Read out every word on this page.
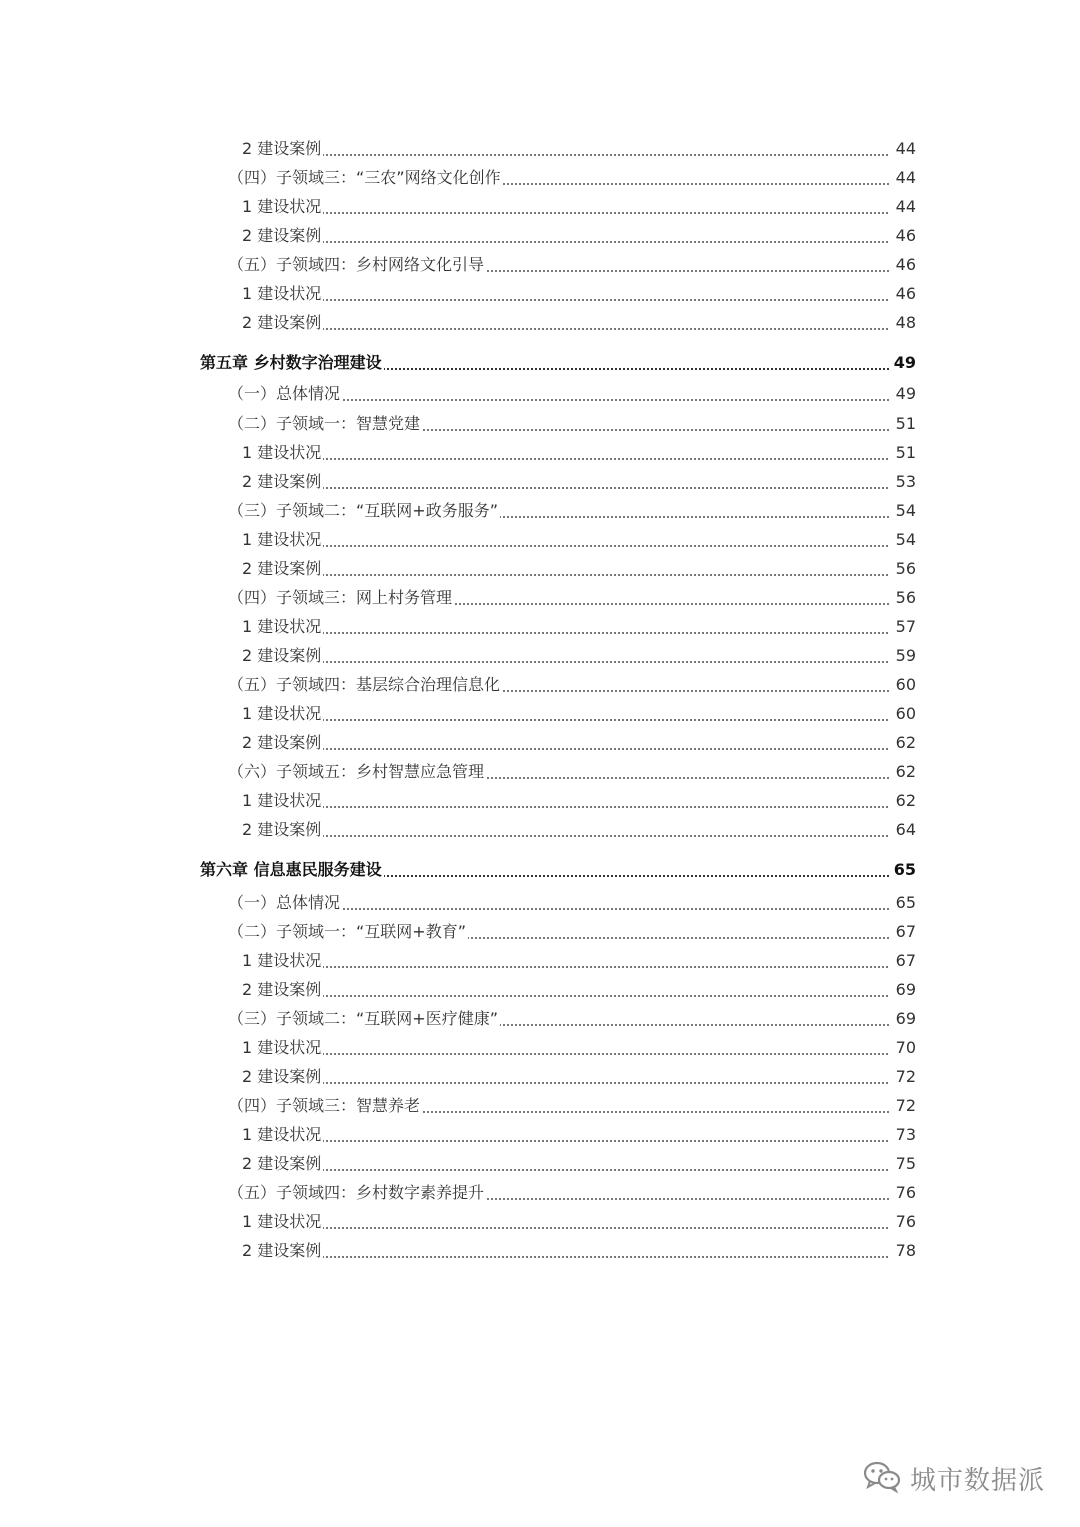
2 建设案例	44
（四）子领域三：“三农”网络文化创作	44
1 建设状况	44
2 建设案例	46
（五）子领域四：乡村网络文化引导	46
1 建设状况	46
2 建设案例	48
第五章 乡村数字治理建设	49
（一）总体情况	49
（二）子领域一：智慧党建	51
1 建设状况	51
2 建设案例	53
（三）子领域二：“互联网+政务服务”	54
1 建设状况	54
2 建设案例	56
（四）子领域三：网上村务管理	56
1 建设状况	57
2 建设案例	59
（五）子领域四：基层综合治理信息化	60
1 建设状况	60
2 建设案例	62
（六）子领域五：乡村智慧应急管理	62
1 建设状况	62
2 建设案例	64
第六章 信息惠民服务建设	65
（一）总体情况	65
（二）子领域一：“互联网+教育”	67
1 建设状况	67
2 建设案例	69
（三）子领域二：“互联网+医疗健康”	69
1 建设状况	70
2 建设案例	72
（四）子领域三：智慧养老	72
1 建设状况	73
2 建设案例	75
（五）子领域四：乡村数字素养提升	76
1 建设状况	76
2 建设案例	78
城市数据派
